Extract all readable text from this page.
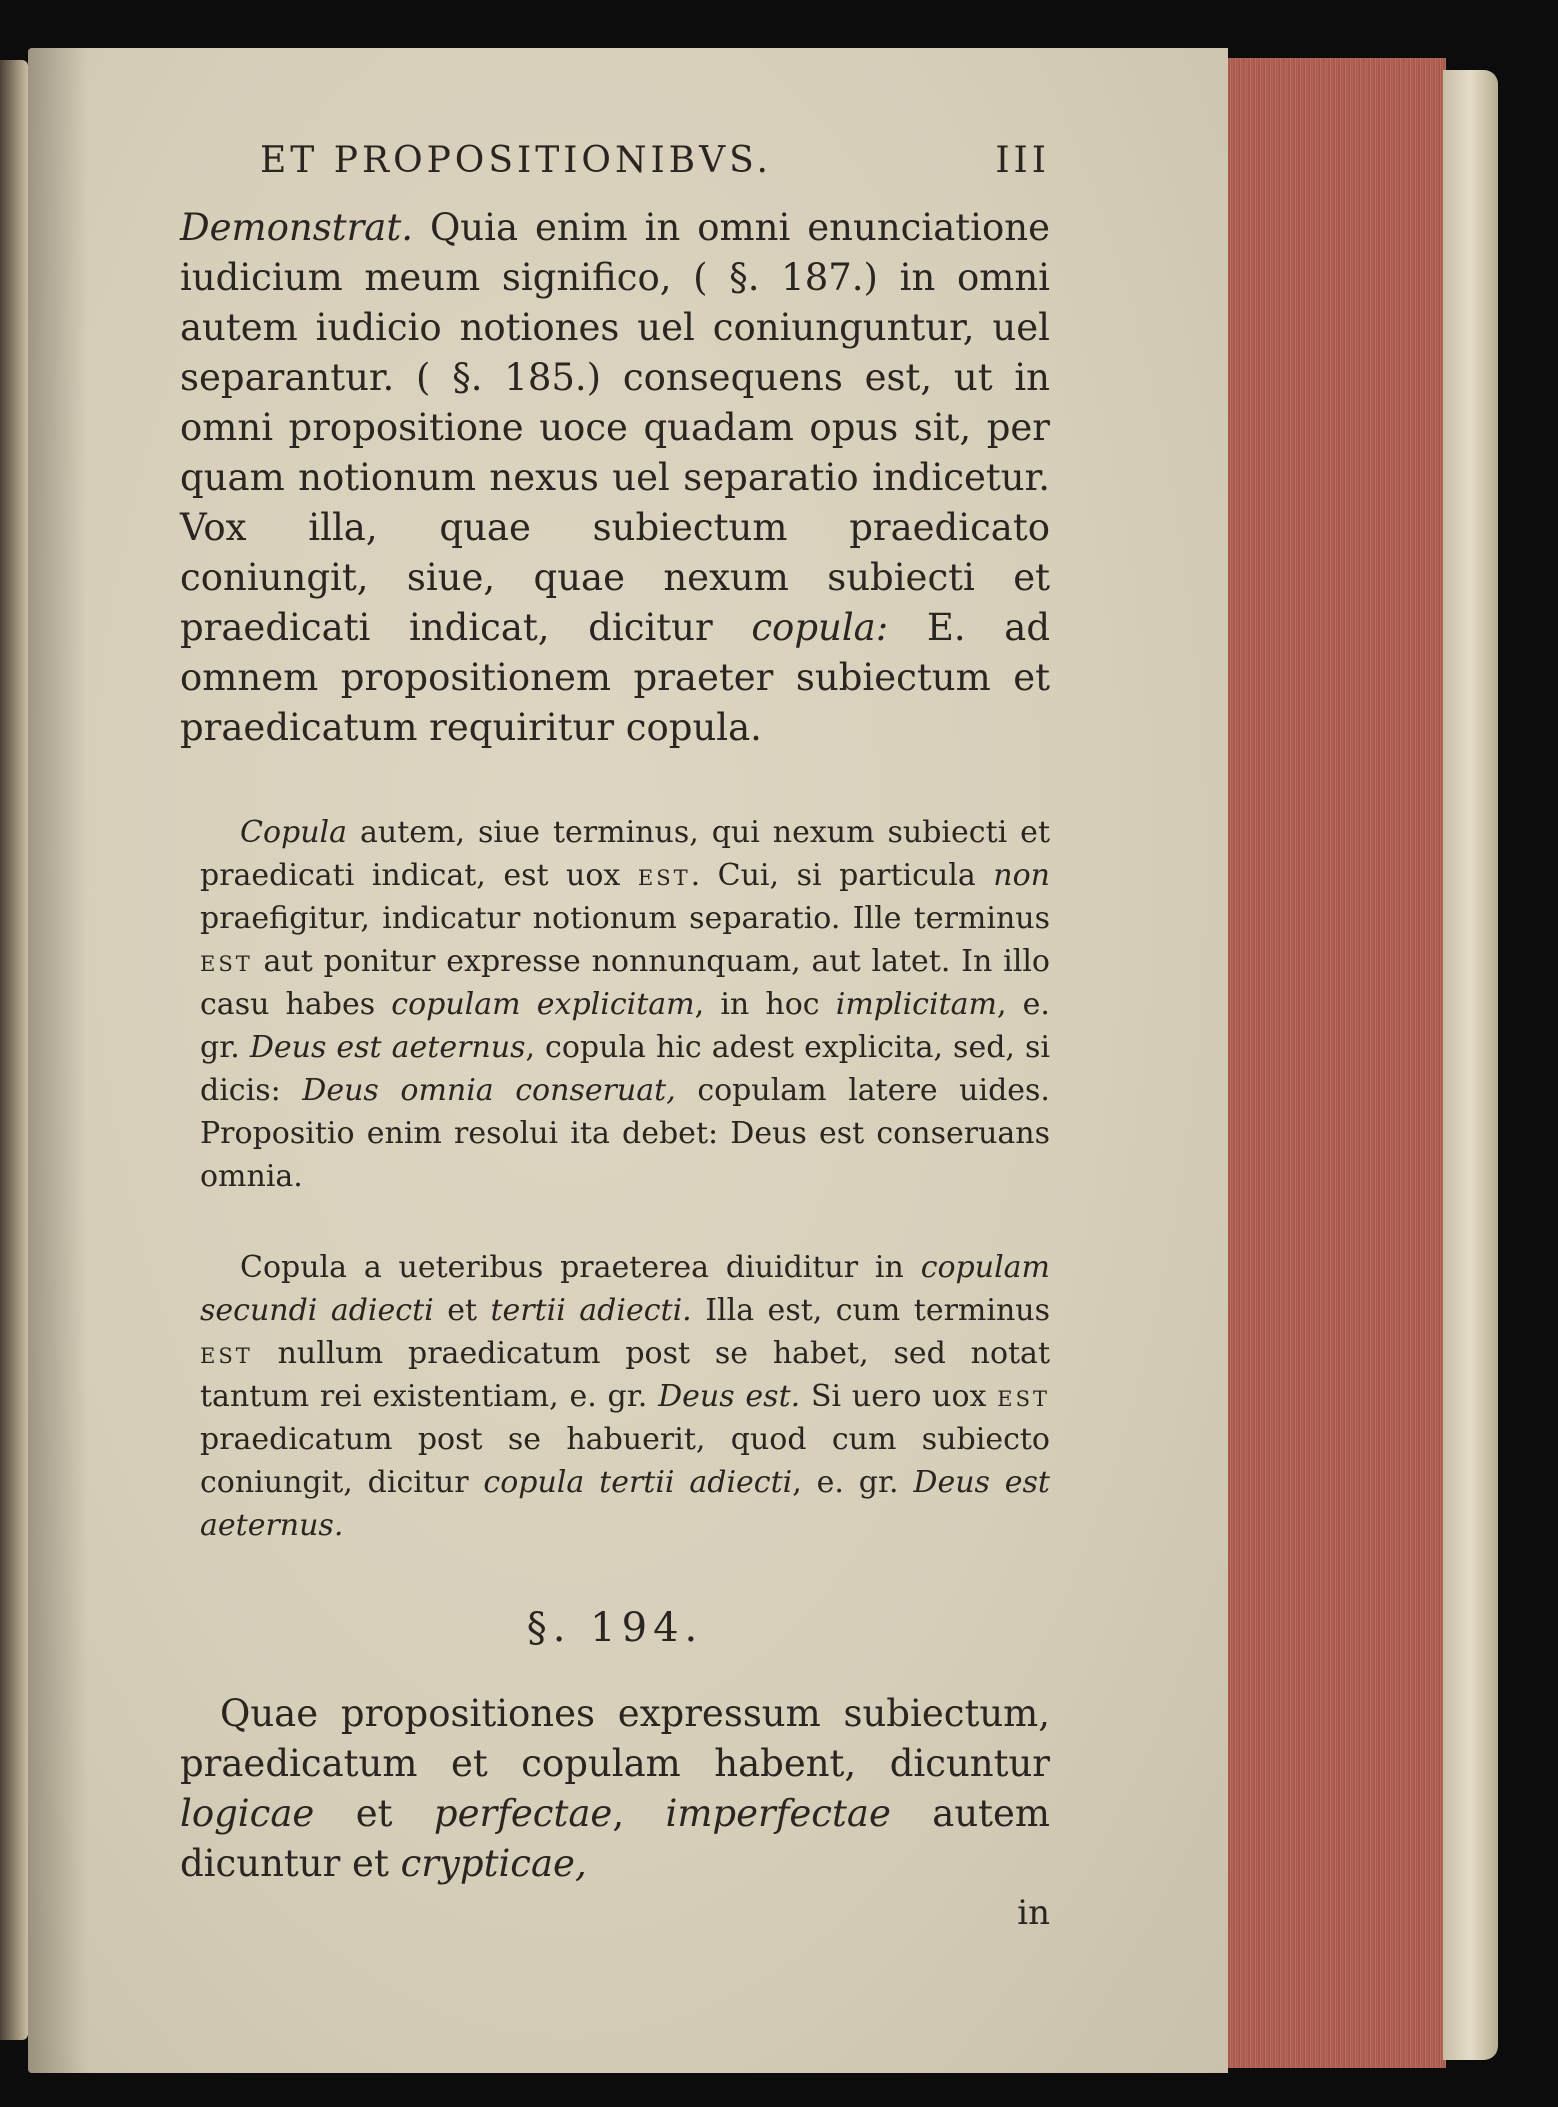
ET PROPOSITIONIBVS.	III

Demonstrat. Quia enim in omni enunciatione iudicium meum significo, ( §. 187.) in omni autem iudicio notiones uel coniunguntur, uel separantur. ( §. 185.) consequens est, ut in omni propositione uoce quadam opus sit, per quam notionum nexus uel separatio indicetur. Vox illa, quae subiectum praedicato coniungit, siue, quae nexum subiecti et praedicati indicat, dicitur copula: E. ad omnem propositionem praeter subiectum et praedicatum requiritur copula.

Copula autem, siue terminus, qui nexum subiecti et praedicati indicat, est uox est. Cui, si particula non praefigitur, indicatur notionum separatio. Ille terminus est aut ponitur expresse nonnunquam, aut latet. In illo casu habes copulam explicitam, in hoc implicitam, e. gr. Deus est aeternus, copula hic adest explicita, sed, si dicis: Deus omnia conseruat, copulam latere uides. Propositio enim resolui ita debet: Deus est conseruans omnia.

Copula a ueteribus praeterea diuiditur in copulam secundi adiecti et tertii adiecti. Illa est, cum terminus est nullum praedicatum post se habet, sed notat tantum rei existentiam, e. gr. Deus est. Si uero uox est praedicatum post se habuerit, quod cum subiecto coniungit, dicitur copula tertii adiecti, e. gr. Deus est aeternus.

§. 194.

Quae propositiones expressum subiectum, praedicatum et copulam habent, dicuntur logicae et perfectae, imperfectae autem dicuntur et crypticae,

in
